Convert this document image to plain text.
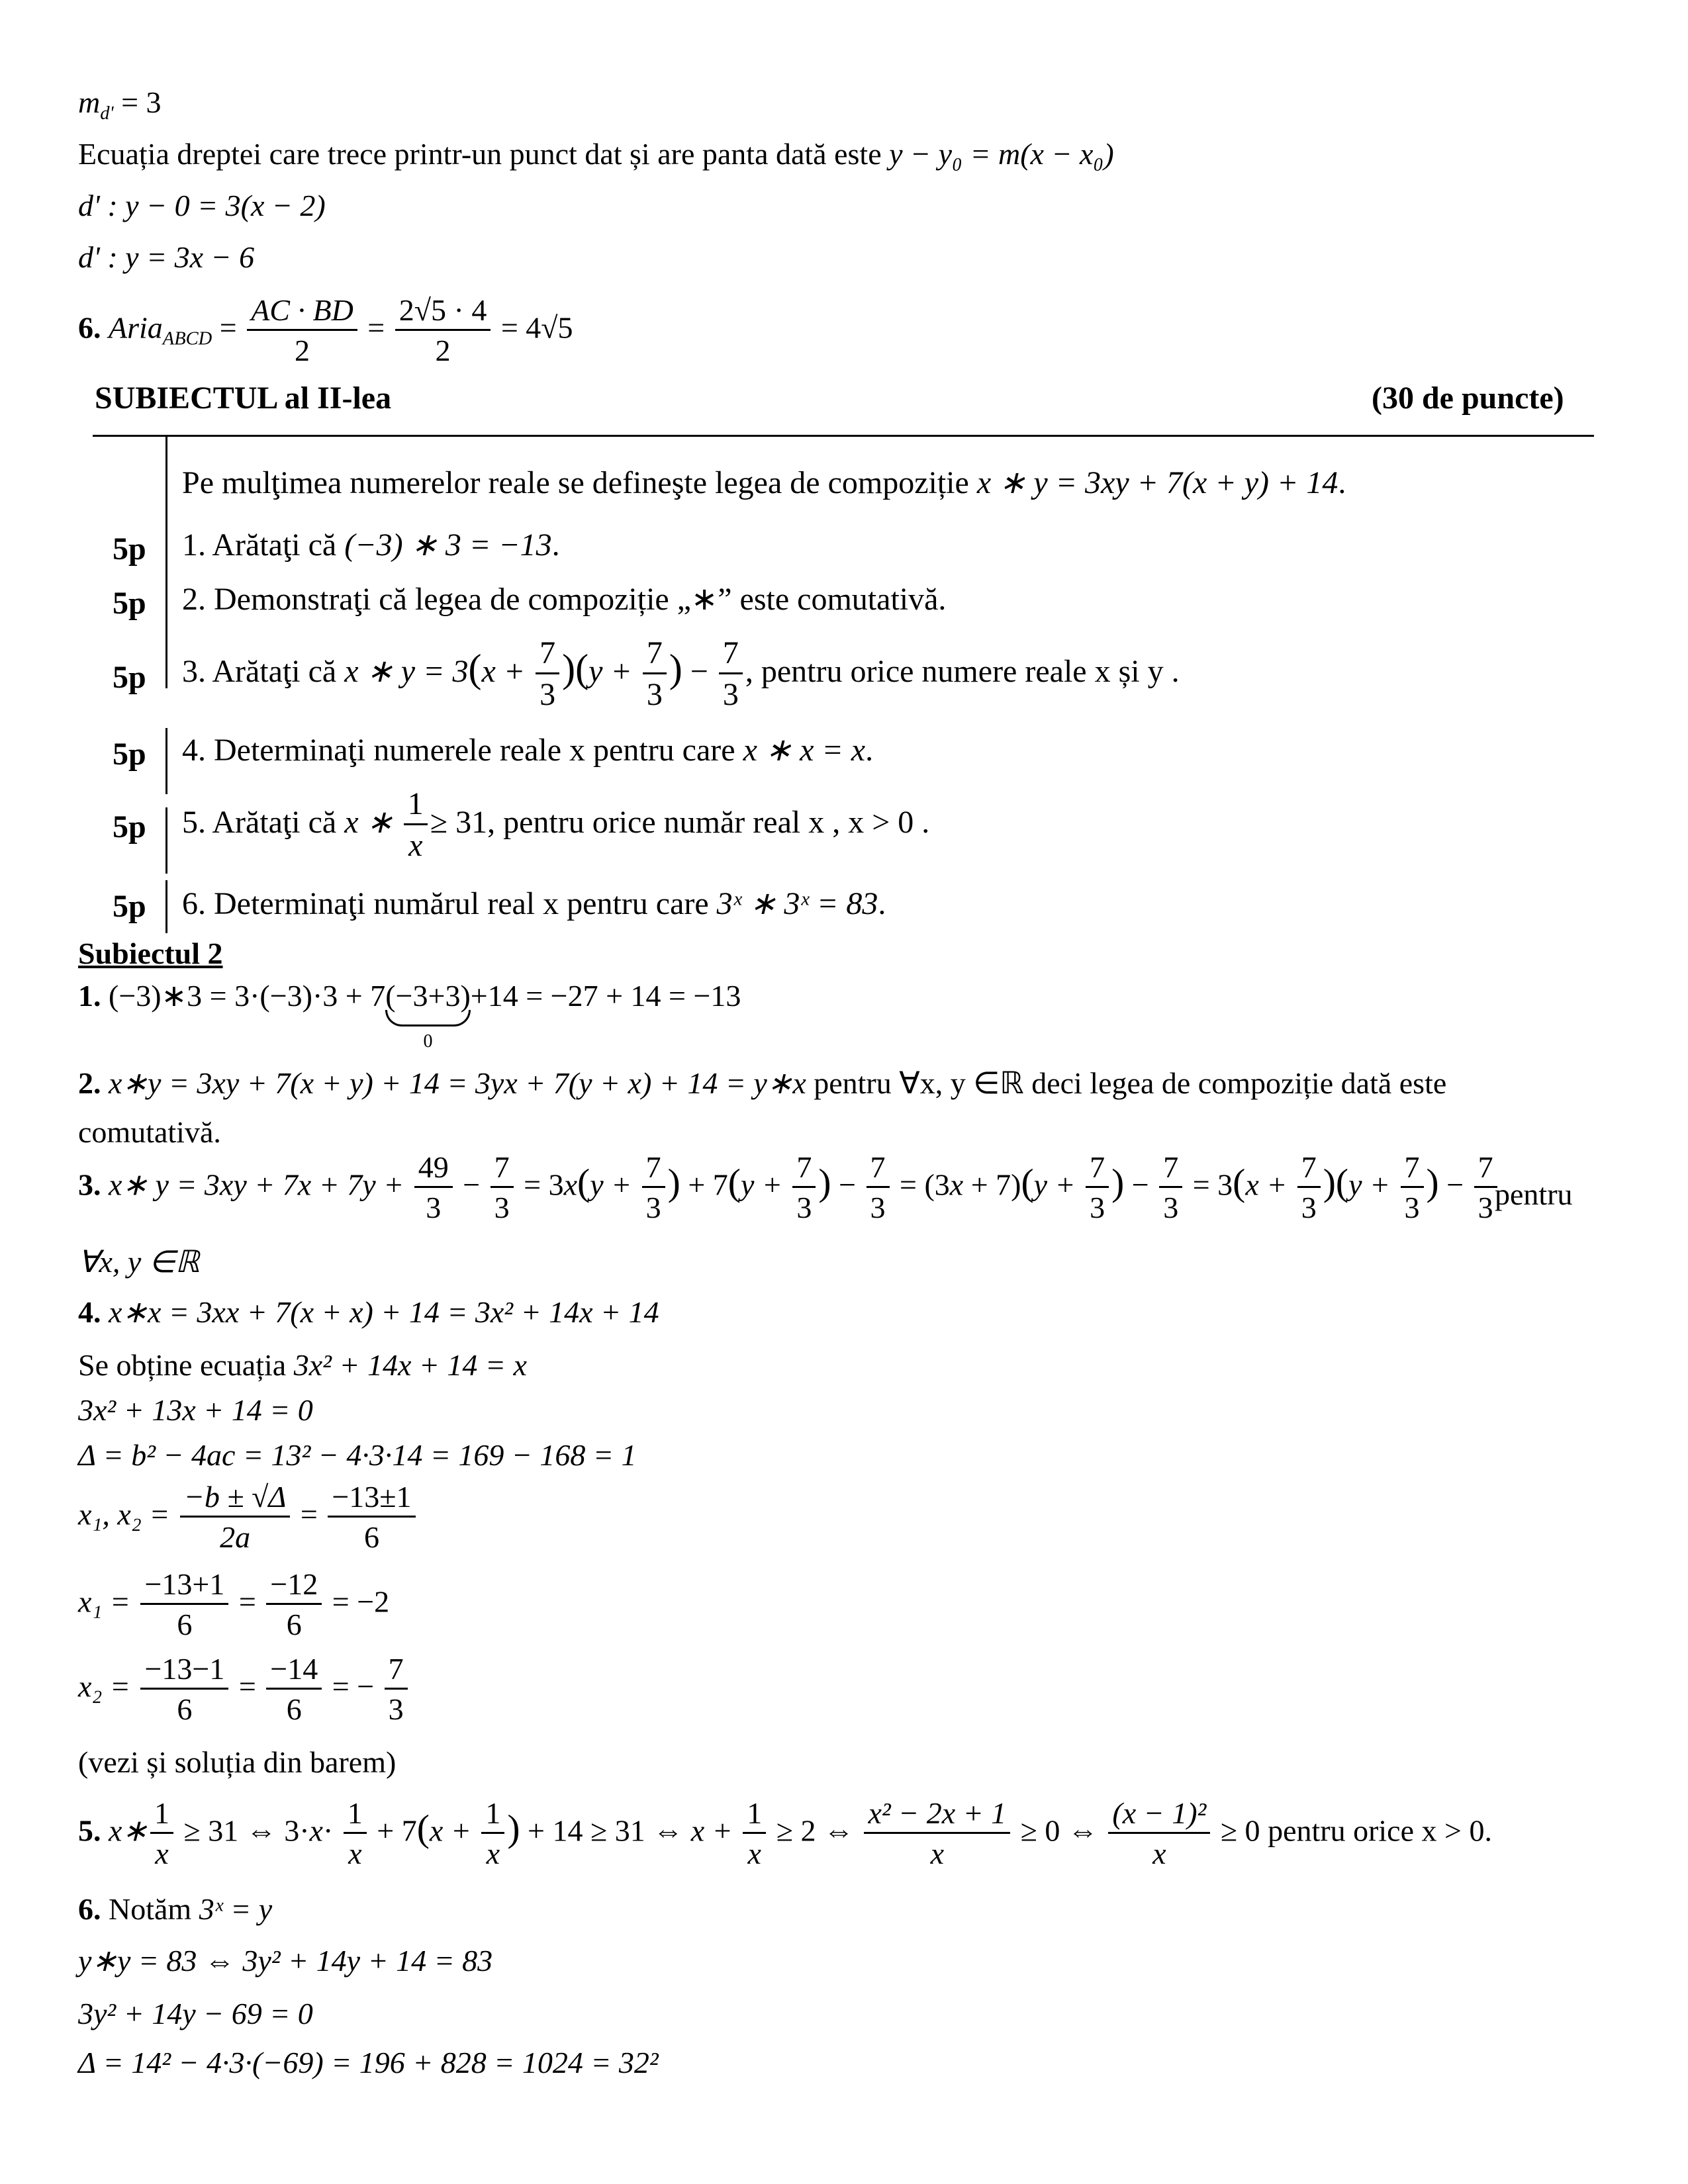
$m_{d'} = 3$
Ecuația dreptei care trece printr-un punct dat și are panta dată este y − y₀ = m(x − x₀)
d' : y − 0 = 3(x − 2)
d' : y = 3x − 6
6. Aria$_{ABCD}$ = $\frac{AC \cdot BD}{2} = \frac{2√5 \cdot 4}{2} = 4√5$
SUBIECTUL al II-lea	(30 de puncte)
Pe mulţimea numerelor reale se defineşte legea de compoziție x ∗ y = 3xy + 7(x + y) + 14.
5p 1. Arătaţi că (−3) ∗ 3 = −13.
5p 2. Demonstraţi că legea de compoziție „∗” este comutativă.
5p 3. Arătaţi că x ∗ $y = 3(x + \frac{7}{3} )(y + \frac{7}{3}$ ) − $\frac{7}{3}$ , pentru orice numere reale x și y .
5p 4. Determinaţi numerele reale x pentru care x ∗ x = x.
5p 5. Arătaţi că x ∗ $\frac{1}{x} \ge 31$, pentru orice număr real x , x > 0 .
5p 6. Determinaţi numărul real x pentru care 3ˣ ∗ 3ˣ = 83.
Subiectul 2
1. (−3)∗3 = 3·(−3)·3 + 7(−3+3)
0
+14 = −27 + 14 = −13
2. x∗y = 3xy + 7(x + y) + 14 = 3yx + 7(y + x) + 14 = y∗x pentru ∀x, y ∈ℝ deci legea de compoziție dată este
comutativă.
3. x∗ $y = 3xy + 7x + 7y + \frac{49}{3} - \frac{7}{3} = 3x(y + \frac{7}{3}$ ) + $7(y + \frac{7}{3}$ ) − $\frac{7}{3} = (3x + 7)(y + \frac{7}{3}$ ) − $\frac{7}{3} = 3(x + \frac{7}{3} )(y + \frac{7}{3}$ ) − $\frac{7}{3}$
pentru
∀x, y ∈ℝ
4. x∗x = 3xx + 7(x + x) + 14 = 3x² + 14x + 14
Se obține ecuația 3x² + 14x + 14 = x
3x² + 13x + 14 = 0
Δ = b² − 4ac = 13² − 4·3·14 = 169 − 168 = 1
x₁, $x_2 = \frac{-b \pm √\Delta}{2a} = \frac{-13\pm 1}{6}$
$x_1 = \frac{-13+1}{6} = \frac{-12}{6} = -2$
$x_2 = \frac{-13-1}{6} = \frac{-14}{6}$ = − $\frac{7}{3}$
(vezi și soluția din barem)
5. x∗ $\frac{1}{x} \ge 31$ ⇔ $3\cdot x\cdot \frac{1}{x} + 7(x + \frac{1}{x}$ ) + 14 ≥ 31 ⇔ $x + \frac{1}{x} \ge 2$ ⇔ $\frac{\text{x² − 2x + 1}}{x} \ge 0$ ⇔ $\frac{\text{(x − 1)²}}{x} \ge 0$ pentru orice x > 0.
6. Notăm 3ˣ = y
y∗y = 83 ⇔ 3y² + 14y + 14 = 83
3y² + 14y − 69 = 0
Δ = 14² − 4·3·(−69) = 196 + 828 = 1024 = 32²
